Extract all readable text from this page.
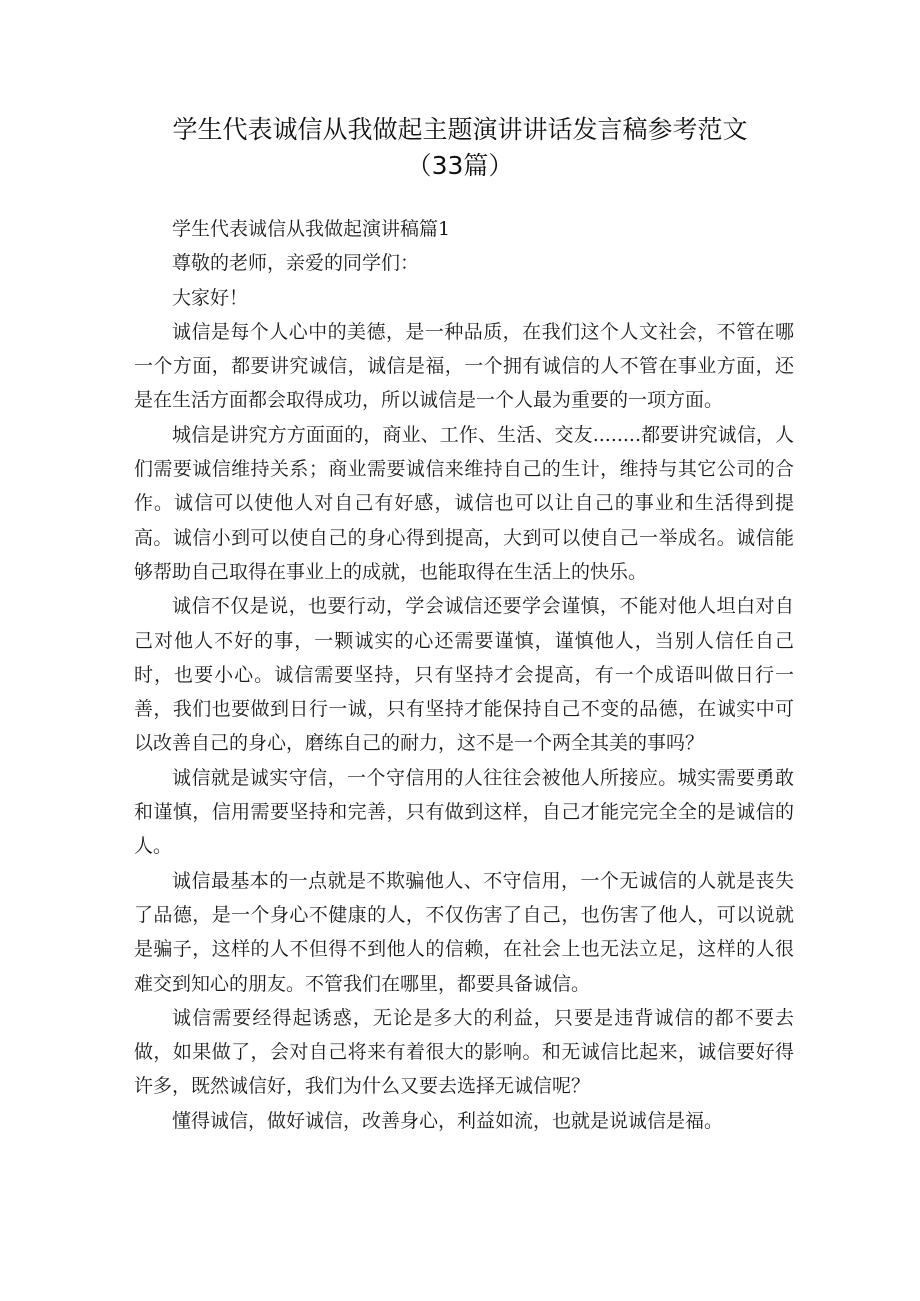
学生代表诚信从我做起主题演讲讲话发言稿参考范文
（33篇）

学生代表诚信从我做起演讲稿篇1

尊敬的老师，亲爱的同学们：

大家好！

诚信是每个人心中的美德，是一种品质，在我们这个人文社会，不管在哪一个方面，都要讲究诚信，诚信是福，一个拥有诚信的人不管在事业方面，还是在生活方面都会取得成功，所以诚信是一个人最为重要的一项方面。

城信是讲究方方面面的，商业、工作、生活、交友........都要讲究诚信，人们需要诚信维持关系；商业需要诚信来维持自己的生计，维持与其它公司的合作。诚信可以使他人对自己有好感，诚信也可以让自己的事业和生活得到提高。诚信小到可以使自己的身心得到提高，大到可以使自己一举成名。诚信能够帮助自己取得在事业上的成就，也能取得在生活上的快乐。

诚信不仅是说，也要行动，学会诚信还要学会谨慎，不能对他人坦白对自己对他人不好的事，一颗诚实的心还需要谨慎，谨慎他人，当别人信任自己时，也要小心。诚信需要坚持，只有坚持才会提高，有一个成语叫做日行一善，我们也要做到日行一诚，只有坚持才能保持自己不变的品德，在诚实中可以改善自己的身心，磨练自己的耐力，这不是一个两全其美的事吗？

诚信就是诚实守信，一个守信用的人往往会被他人所接应。城实需要勇敢和谨慎，信用需要坚持和完善，只有做到这样，自己才能完完全全的是诚信的人。

诚信最基本的一点就是不欺骗他人、不守信用，一个无诚信的人就是丧失了品德，是一个身心不健康的人，不仅伤害了自己，也伤害了他人，可以说就是骗子，这样的人不但得不到他人的信赖，在社会上也无法立足，这样的人很难交到知心的朋友。不管我们在哪里，都要具备诚信。

诚信需要经得起诱惑，无论是多大的利益，只要是违背诚信的都不要去做，如果做了，会对自己将来有着很大的影响。和无诚信比起来，诚信要好得许多，既然诚信好，我们为什么又要去选择无诚信呢？

懂得诚信，做好诚信，改善身心，利益如流，也就是说诚信是福。
